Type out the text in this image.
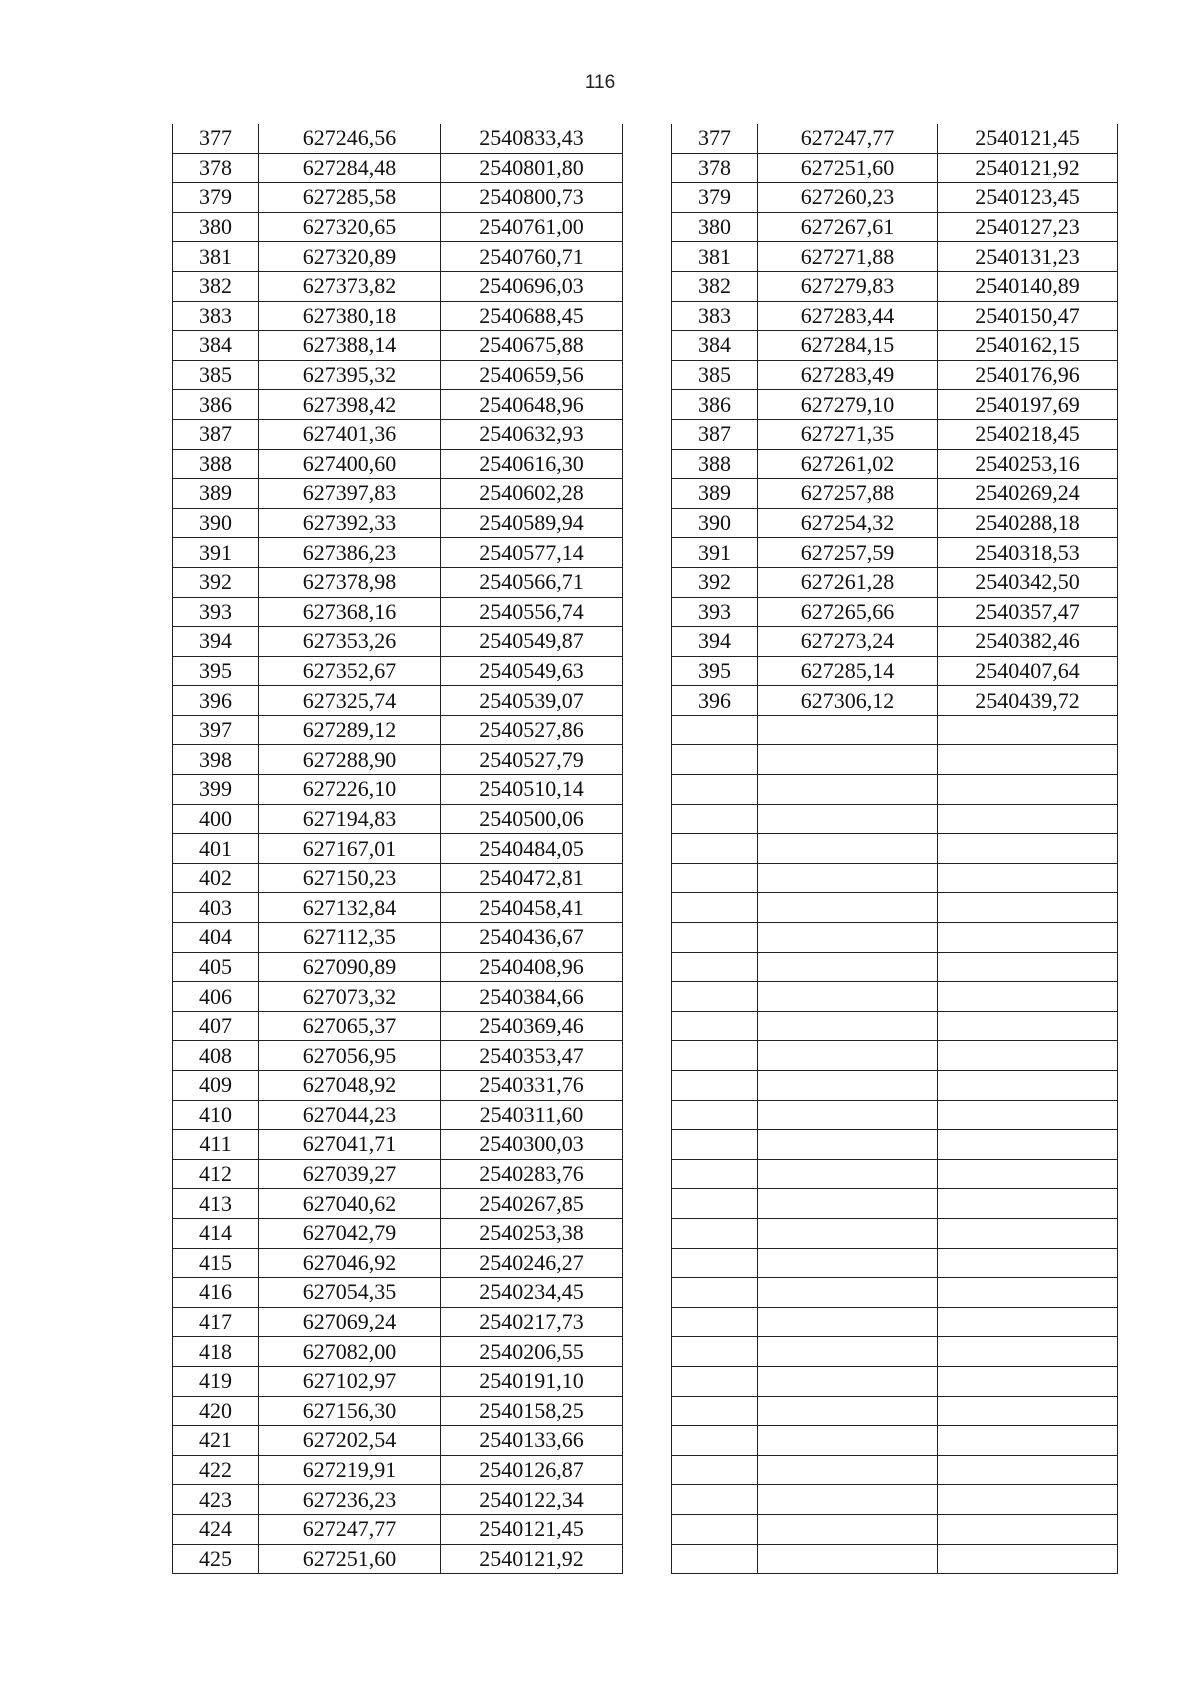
116
377	627246,56	2540833,43		377	627247,77	2540121,45
378	627284,48	2540801,80		378	627251,60	2540121,92
379	627285,58	2540800,73		379	627260,23	2540123,45
380	627320,65	2540761,00		380	627267,61	2540127,23
381	627320,89	2540760,71		381	627271,88	2540131,23
382	627373,82	2540696,03		382	627279,83	2540140,89
383	627380,18	2540688,45		383	627283,44	2540150,47
384	627388,14	2540675,88		384	627284,15	2540162,15
385	627395,32	2540659,56		385	627283,49	2540176,96
386	627398,42	2540648,96		386	627279,10	2540197,69
387	627401,36	2540632,93		387	627271,35	2540218,45
388	627400,60	2540616,30		388	627261,02	2540253,16
389	627397,83	2540602,28		389	627257,88	2540269,24
390	627392,33	2540589,94		390	627254,32	2540288,18
391	627386,23	2540577,14		391	627257,59	2540318,53
392	627378,98	2540566,71		392	627261,28	2540342,50
393	627368,16	2540556,74		393	627265,66	2540357,47
394	627353,26	2540549,87		394	627273,24	2540382,46
395	627352,67	2540549,63		395	627285,14	2540407,64
396	627325,74	2540539,07		396	627306,12	2540439,72
397	627289,12	2540527,86				
398	627288,90	2540527,79				
399	627226,10	2540510,14				
400	627194,83	2540500,06				
401	627167,01	2540484,05				
402	627150,23	2540472,81				
403	627132,84	2540458,41				
404	627112,35	2540436,67				
405	627090,89	2540408,96				
406	627073,32	2540384,66				
407	627065,37	2540369,46				
408	627056,95	2540353,47				
409	627048,92	2540331,76				
410	627044,23	2540311,60				
411	627041,71	2540300,03				
412	627039,27	2540283,76				
413	627040,62	2540267,85				
414	627042,79	2540253,38				
415	627046,92	2540246,27				
416	627054,35	2540234,45				
417	627069,24	2540217,73				
418	627082,00	2540206,55				
419	627102,97	2540191,10				
420	627156,30	2540158,25				
421	627202,54	2540133,66				
422	627219,91	2540126,87				
423	627236,23	2540122,34				
424	627247,77	2540121,45				
425	627251,60	2540121,92				
